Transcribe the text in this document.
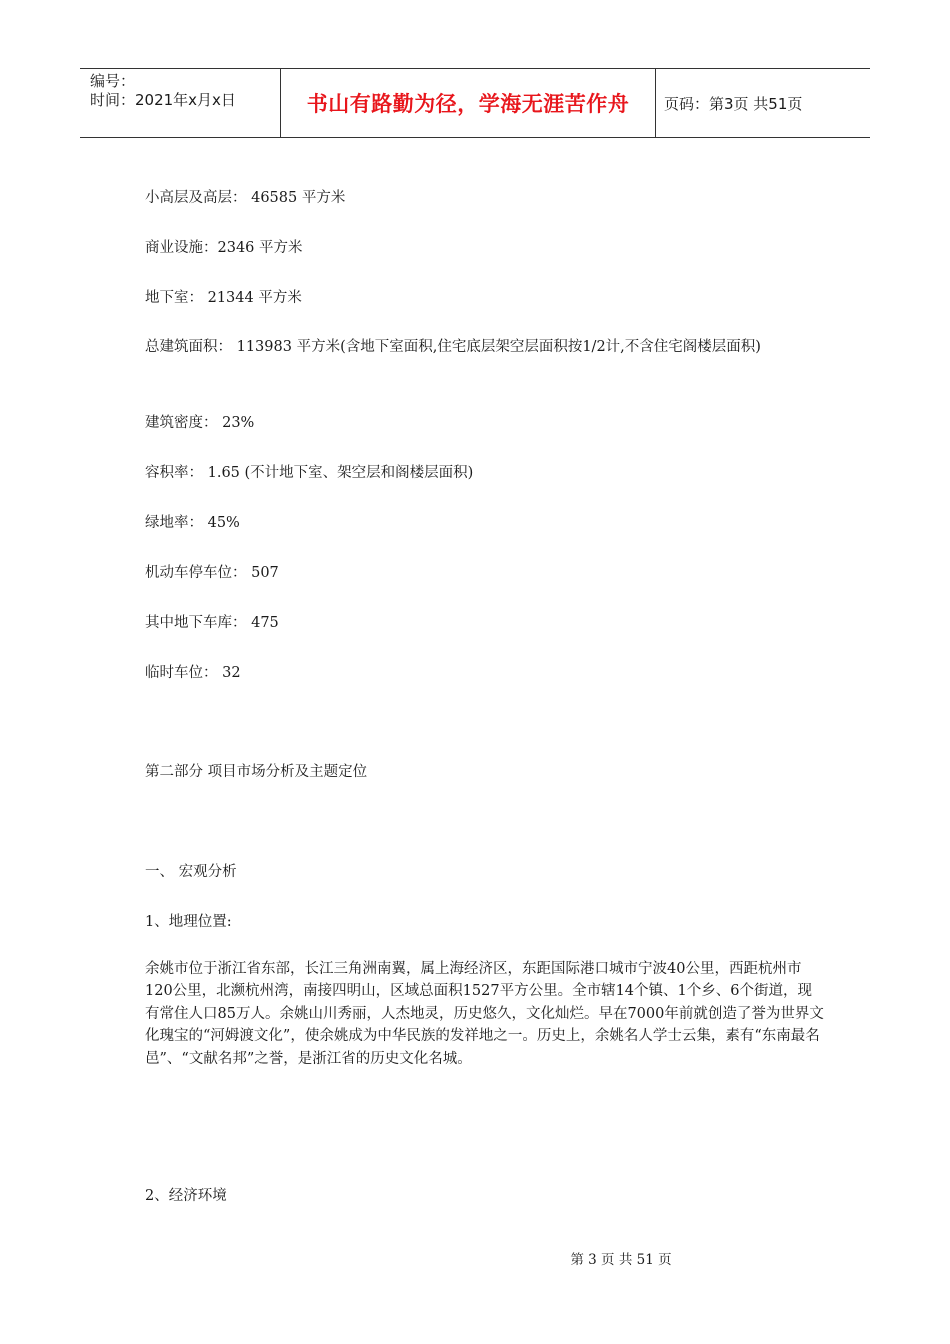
编号：
时间：2021年x月x日	书山有路勤为径，学海无涯苦作舟	页码：第3页 共51页
小高层及高层： 46585 平方米
商业设施：2346 平方米
地下室： 21344 平方米
总建筑面积： 113983 平方米(含地下室面积,住宅底层架空层面积按1/2计,不含住宅阁楼层面积)
建筑密度： 23%
容积率： 1.65 (不计地下室、架空层和阁楼层面积)
绿地率： 45%
机动车停车位： 507
其中地下车库： 475
临时车位： 32
第二部分 项目市场分析及主题定位
一、 宏观分析
1、地理位置:
余姚市位于浙江省东部，长江三角洲南翼，属上海经济区，东距国际港口城市宁波40公里，西距杭州市120公里，北濒杭州湾，南接四明山，区域总面积1527平方公里。全市辖14个镇、1个乡、6个街道，现有常住人口85万人。余姚山川秀丽，人杰地灵，历史悠久，文化灿烂。早在7000年前就创造了誉为世界文化瑰宝的“河姆渡文化”，使余姚成为中华民族的发祥地之一。历史上，余姚名人学士云集，素有“东南最名邑”、“文献名邦”之誉，是浙江省的历史文化名城。
2、经济环境
第 3 页 共 51 页
